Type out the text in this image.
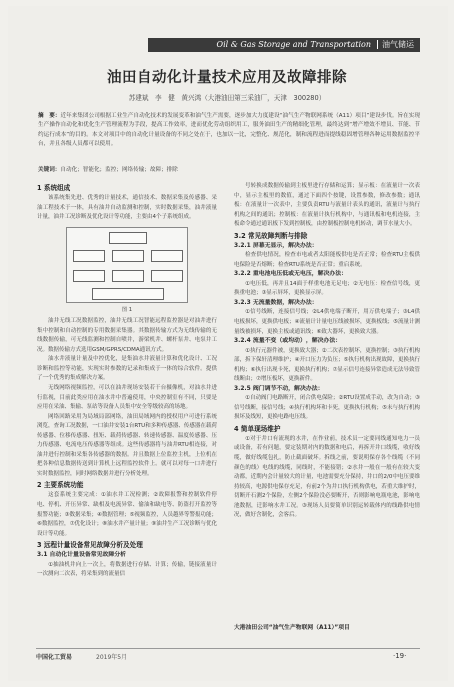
Oil & Gas Storage and Transportation 油气储运
油田自动化计量技术应用及故障排除
苏建斌　李　健　黄兴鸿（大港油田第三采油厂，天津　300280）
摘　要：近年来集团公司根据工业生产自动化技术的发展变革和油气生产需要，逐步加大力度建设“油气生产物联网系统（A11）项目”建设步伐。旨在实现生产操作自动化和优化生产管理流程为手段，提高工作效率，进而优化劳动组织用工，服务油田生产的精细化管理，最终达到“增产增效不增员、节能、节约运行成本”的目的。本文对项目中的自动化计量设备的不同之处在于，也加以一比，完整化、规范化，制和流程进而提线稳固增管理各种运用数据监控平台，并且各级人员都可以使用。
关键词：自动化；智能化；监控；网络传输；故障；排除
1 系统组成
该系统集先进、优秀的计量技术，通信技术、数据采集及传感器、采油工程技术于一体，具有油井自动监测和控制，实时数据采集，油井液量计量，油井工况诊断及优化设计等功能，主要由4个子系统组成。
图 1
油井无线工况数据监控，油井无线工况智能远程监控器是对油井进行集中控制和自动控制的专用数据采集器。其数据传输方式为无线传输的无线数据传输，可无线监测和控制自喷井，游梁机井、螺杆泵井、电泵井工况。数据传输方式选用GSM/GPRS/CDMA通讯方式。
油水井液量计量及中控优化，是集油水井液量计算和优化设计、工况诊断和监控等功能，实现实时参数的记录和集成于一体的综合软件。提供了一个优秀的集成解决方案。
无线网络视频监控，可以在油井现场安装若干台摄像机，对油水井进行监视，目前此类应用在油水井中普遍使用，中央控制室有不同，只要是应用在采油、集输、泵站等设备人员集中安全等级较高的场地。
网络回路采用为局域局部网络，油田局域网内的授权用户可进行系统浏览，查询工况数据，一口油井安装1台RTU和多种传感器、传感器在载荷传感器、位移传感器、扭矩、载荷传感器、转速传感器、温度传感器、压力传感器、电流电压传感器等组成。这些传感器将与油井RTU相连接，对油井进行控制和采集各传感器的数据。并且数据上位监控主机，上位机在把各种信息数据传送到计算机上远程监控软件上。就可以对每一口井进行实时数据监控，同时网络数据并进行分析处理。
2 主要系统功能
这套系统主要完成：①油水井工况检测；②故障报警和控制软件停电、停机、开压异常、缺相及电流异常、偷油和缺电等、防盗打开监控等报警功能；③数据采集；④数据管理；⑤视频监控，人员越界等警报功能；⑥数据监控，⑦优化设计；⑧油水井产量计量；⑨油井生产工况诊断与优化设计等功能。
3 远程计量设备常见故障分析及处理
3.1 自动化计量设备常见故障分析
①抽油机井向上一次上，将数据进行存储、计算；传输，链接液量计一次测向二次表，将采集到的流量信
号转换成数据传输到主板里进行存储和运算；显示板：在液量计一次表中，显示主板里的数值，通过下面四个按键，设置参数，修改参数；通讯板：在液量计一次表中，主要负责RTU与液量计表头的通讯，液量计与执行机构之间的通讯；控制板：在液量计执行机构中，与通讯板和电机连接，主板命令通过通讯板下发到控制板，由控制板控制电机转动，调节水量大小。
3.2 常见故障判断与排除
3.2.1 屏幕无显示，解决办法：
检查供电情况，检查市电或者太阳能板供电是否正常；检查RTU主板供电保险是否熔断；检查RTU系统是否正常；重启系统。
3.2.2 重电池电压低或无电压，解决办法：
①电压低，再并且14面于样重电池无足电；②无电压：检查信号线，更换重电池；③显示屏坏，更换显示屏。
3.2.3 无流量数据，解决办法：
①信号线断，连接信号线；②L4供电端子断开，用万供电端子；③L4供电板损坏，更换供电板；④流量计计量电压线被损坏，更换板线；⑤流量计测量线被损坏，更换主板或通讯线；⑥致大器坏，更换致大器。
3.2.4 流量不变（或均动），解决办法：
①执行元器件被，更换致大器；②二次表控制坏，更换控制；③执行机构部，拆下保轩清理维护；④开口压力为负压；⑤执行机构出现故障，更换执行机构；⑥执行出现卡死，更换执行机构；⑦显示信号连接异常造成无法导致管线断由；⑦增压板坏，更换新件。
3.2.5 阀门调节不动，解决办法：
①自动阀门电路断开，闭合供电保险；②RTU设置成手动，改为自动；③信号线断，接信号线；④执行机构坏和卡死，更换执行机构；⑤未与执行机构损坏及线短，更换电路电压线。
4 简单现场维护
①对于井口有流现的水井，在作业前，技术员一定要同线通知电力一员或设备，若有问题，要定装期对内的数据和电后，再拆开井口线缆，收好线缆，做好线缆包扎，防止截面破坏。拆线之前，要说明保存各个线缆（不同颜色的线）电线的线缆，同线时，不能接错；②水井一般在一般有在较大变动都，近期内会计量较大的计量，电池需要充分保持，井口的2/0中电压要维持较高，电源供电保存充足，有前2个为井口执行机构供电，若重大维护时，切断开石测2个保险，左侧2个保险没必要断开，否则影响电瓶电池，影响电池数据，迁影响水井工况。③现场人员要简单识别运转载体内的线路供电情况，做好含制化，会客后。
大港油田公司“油气生产物联网（A11）”项目
中国化工贸易	2019年5月	·19·
